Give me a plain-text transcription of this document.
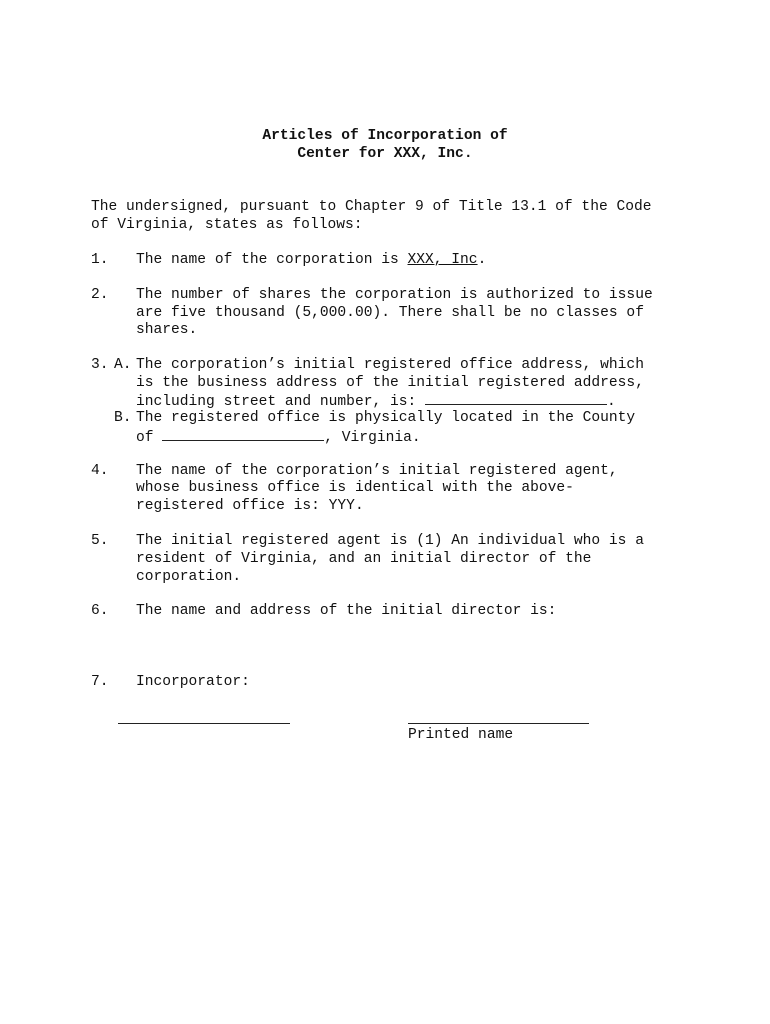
Articles of Incorporation of
Center for XXX, Inc.
The undersigned, pursuant to Chapter 9 of Title 13.1 of the Code
of Virginia, states as follows:
1. The name of the corporation is XXX, Inc.
2. The number of shares the corporation is authorized to issue
are five thousand (5,000.00). There shall be no classes of
shares.
3. A. The corporation’s initial registered office address, which
is the business address of the initial registered address,
including street and number, is:	.
B. The registered office is physically located in the County
of	, Virginia.
4. The name of the corporation’s initial registered agent,
whose business office is identical with the above-
registered office is: YYY.
5. The initial registered agent is (1) An individual who is a
resident of Virginia, and an initial director of the
corporation.
6. The name and address of the initial director is:
7. Incorporator:
Printed name
